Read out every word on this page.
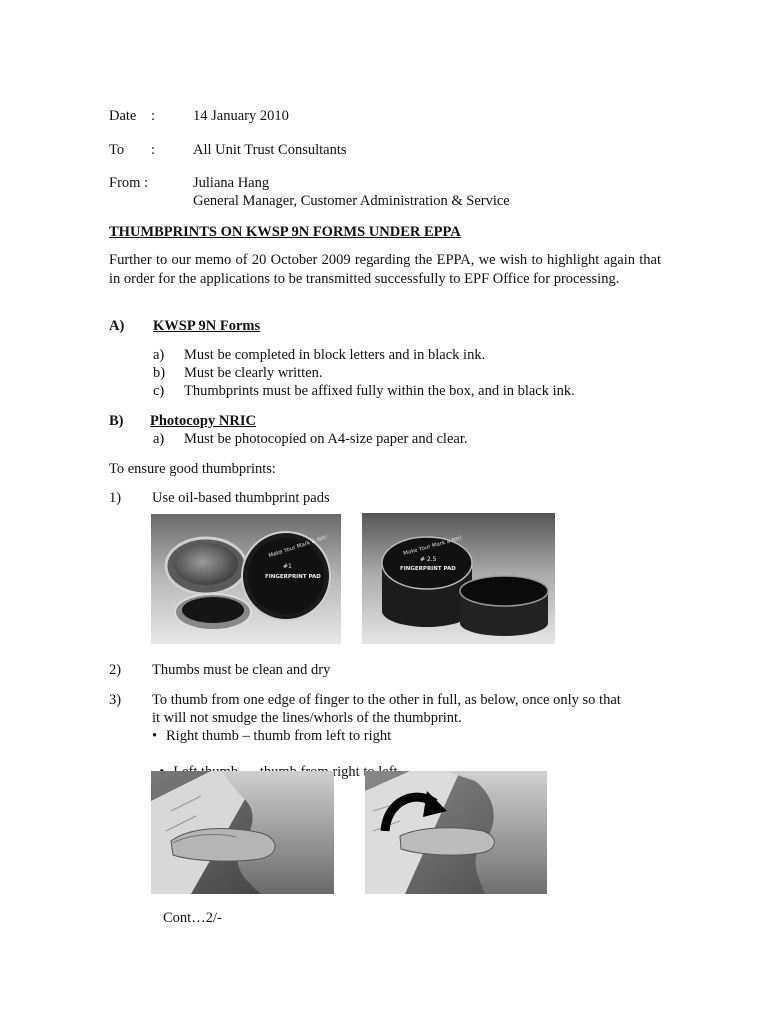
Date :	14 January 2010
To :	All Unit Trust Consultants
From :	Juliana Hang
General Manager, Customer Administration & Service
THUMBPRINTS ON KWSP 9N FORMS UNDER EPPA
Further to our memo of 20 October 2009 regarding the EPPA, we wish to highlight again that in order for the applications to be transmitted successfully to EPF Office for processing.
A) KWSP 9N Forms
a) Must be completed in block letters and in black ink.
b) Must be clearly written.
c) Thumbprints must be affixed fully within the box, and in black ink.
B) Photocopy NRIC
a) Must be photocopied on A4-size paper and clear.
To ensure good thumbprints:
1) Use oil-based thumbprint pads
Make Your Mark & Ntt!
#1
FINGERPRINT PAD
Make Your Mark a Ntt!
# 2.5
FINGERPRINT PAD
2) Thumbs must be clean and dry
3) To thumb from one edge of finger to the other in full, as below, once only so that
it will not smudge the lines/whorls of the thumbprint.
• Right thumb – thumb from left to right

right

Cont…2/-
